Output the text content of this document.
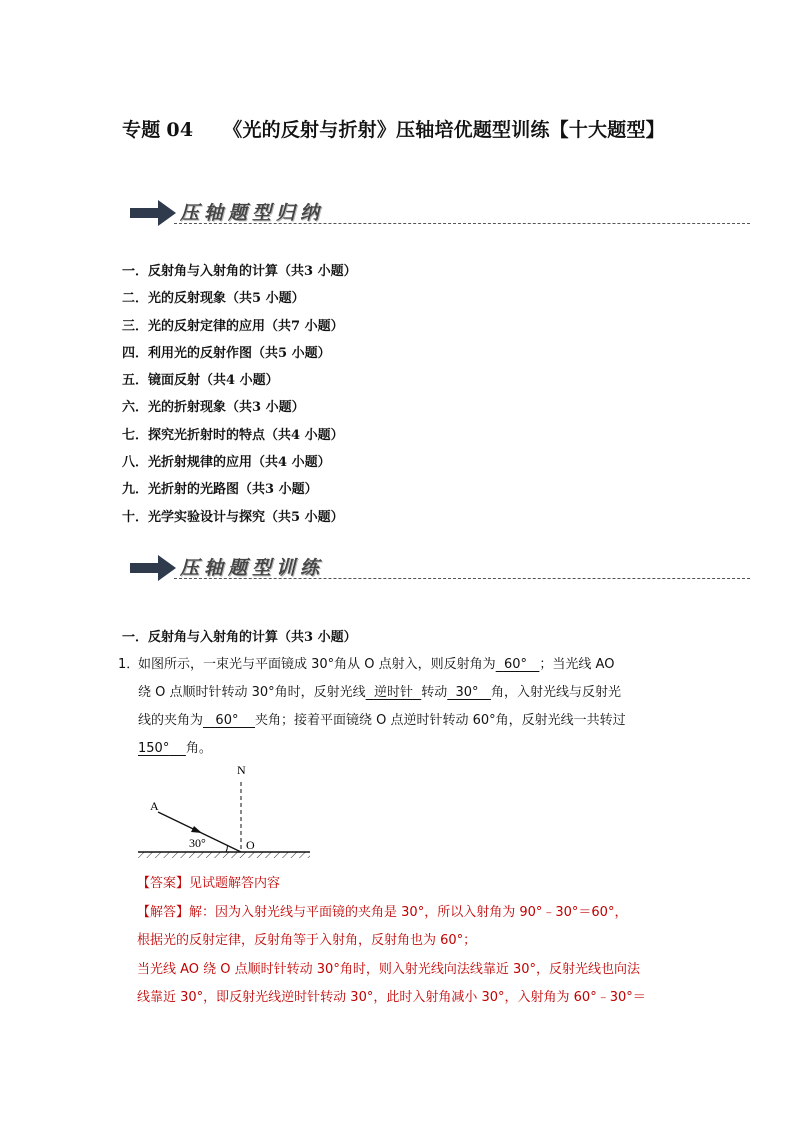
专题 04 《光的反射与折射》压轴培优题型训练【十大题型】
压轴题型归纳
一．反射角与入射角的计算（共3 小题）
二．光的反射现象（共5 小题）
三．光的反射定律的应用（共7 小题）
四．利用光的反射作图（共5 小题）
五．镜面反射（共4 小题）
六．光的折射现象（共3 小题）
七．探究光折射时的特点（共4 小题）
八．光折射规律的应用（共4 小题）
九．光折射的光路图（共3 小题）
十．光学实验设计与探究（共5 小题）
压轴题型训练
一．反射角与入射角的计算（共3 小题）
1．如图所示，一束光与平面镜成 30°角从 O 点射入，则反射角为 60° ；当光线 AO
绕 O 点顺时针转动 30°角时，反射光线 逆时针 转动 30° 角，入射光线与反射光
线的夹角为 60° 夹角；接着平面镜绕 O 点逆时针转动 60°角，反射光线一共转过
150° 角。
N
A
O
30°
【答案】见试题解答内容
【解答】解：因为入射光线与平面镜的夹角是 30°，所以入射角为 90°﹣30°＝60°，
根据光的反射定律，反射角等于入射角，反射角也为 60°；
当光线 AO 绕 O 点顺时针转动 30°角时，则入射光线向法线靠近 30°，反射光线也向法
线靠近 30°，即反射光线逆时针转动 30°，此时入射角减小 30°，入射角为 60°﹣30°＝
